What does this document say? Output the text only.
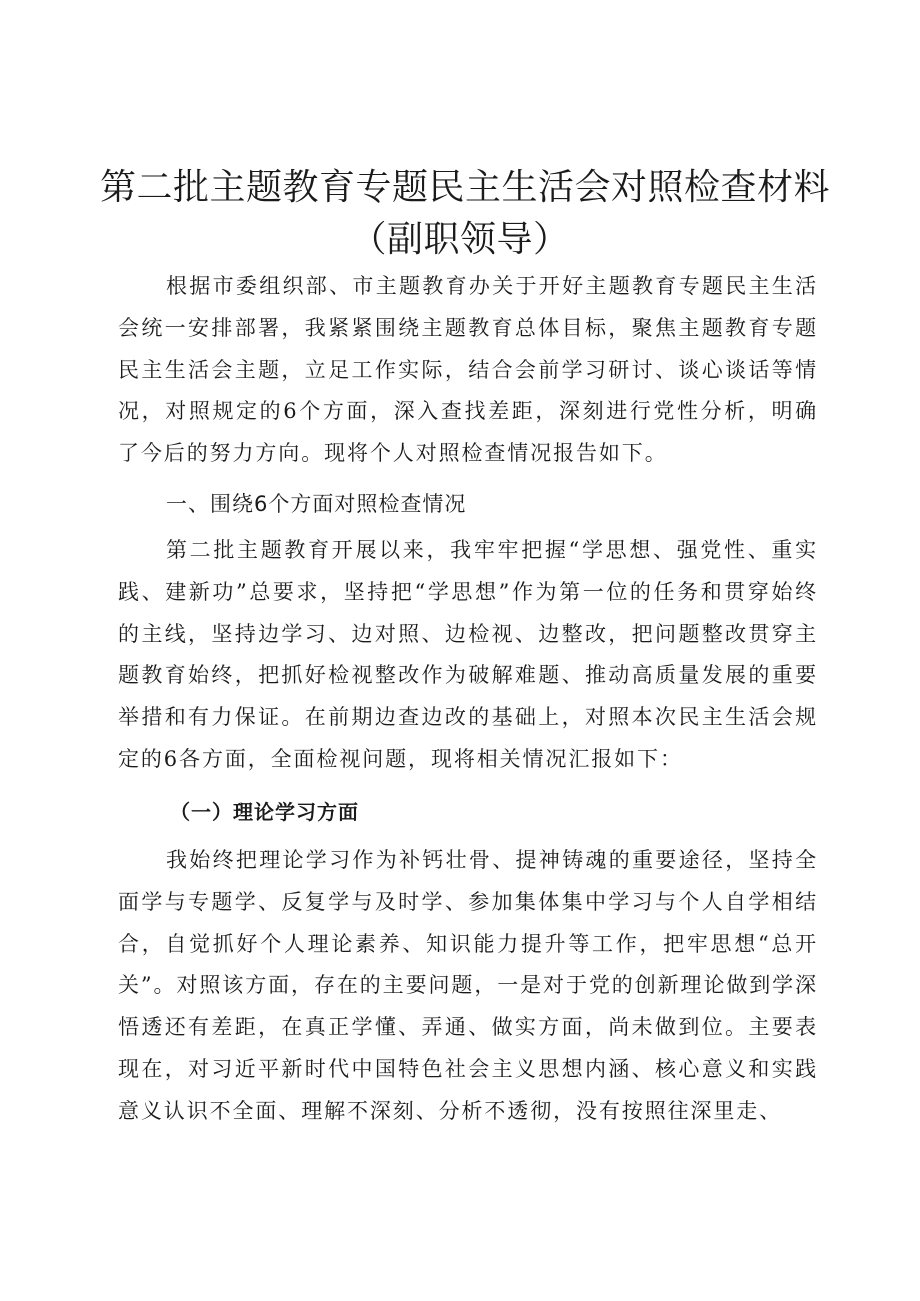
第二批主题教育专题民主生活会对照检查材料
（副职领导）

根据市委组织部、市主题教育办关于开好主题教育专题民主生活会统一安排部署，我紧紧围绕主题教育总体目标，聚焦主题教育专题民主生活会主题，立足工作实际，结合会前学习研讨、谈心谈话等情况，对照规定的6个方面，深入查找差距，深刻进行党性分析，明确了今后的努力方向。现将个人对照检查情况报告如下。

一、围绕6个方面对照检查情况

第二批主题教育开展以来，我牢牢把握“学思想、强党性、重实践、建新功”总要求，坚持把“学思想”作为第一位的任务和贯穿始终的主线，坚持边学习、边对照、边检视、边整改，把问题整改贯穿主题教育始终，把抓好检视整改作为破解难题、推动高质量发展的重要举措和有力保证。在前期边查边改的基础上，对照本次民主生活会规定的6各方面，全面检视问题，现将相关情况汇报如下：

（一）理论学习方面

我始终把理论学习作为补钙壮骨、提神铸魂的重要途径，坚持全面学与专题学、反复学与及时学、参加集体集中学习与个人自学相结合，自觉抓好个人理论素养、知识能力提升等工作，把牢思想“总开关”。对照该方面，存在的主要问题，一是对于党的创新理论做到学深悟透还有差距，在真正学懂、弄通、做实方面，尚未做到位。主要表现在，对习近平新时代中国特色社会主义思想内涵、核心意义和实践意义认识不全面、理解不深刻、分析不透彻，没有按照往深里走、
